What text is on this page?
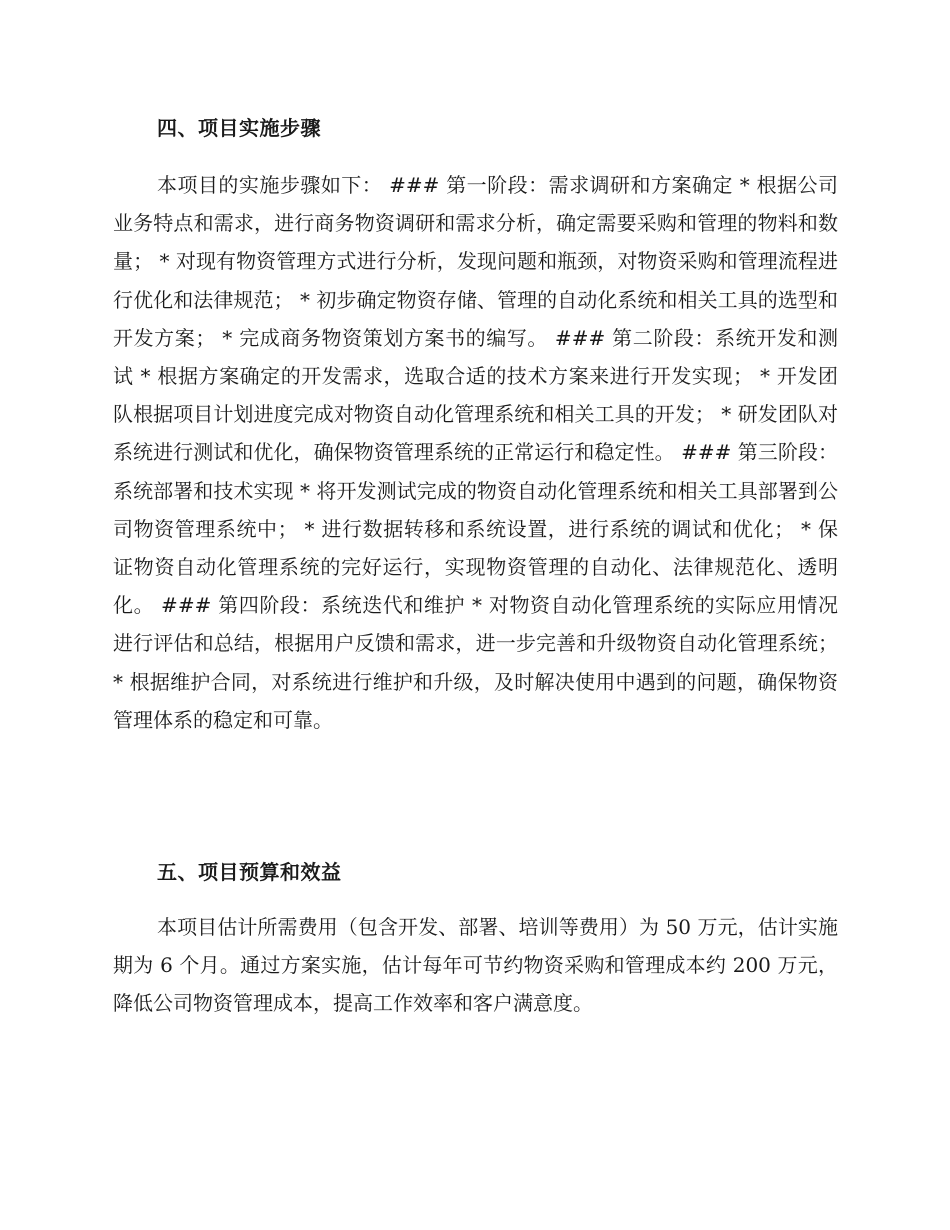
四、项目实施步骤

本项目的实施步骤如下： ### 第一阶段：需求调研和方案确定 * 根据公司业务特点和需求，进行商务物资调研和需求分析，确定需要采购和管理的物料和数量； * 对现有物资管理方式进行分析，发现问题和瓶颈，对物资采购和管理流程进行优化和法律规范； * 初步确定物资存储、管理的自动化系统和相关工具的选型和开发方案； * 完成商务物资策划方案书的编写。 ### 第二阶段：系统开发和测试 * 根据方案确定的开发需求，选取合适的技术方案来进行开发实现； * 开发团队根据项目计划进度完成对物资自动化管理系统和相关工具的开发； * 研发团队对系统进行测试和优化，确保物资管理系统的正常运行和稳定性。 ### 第三阶段：系统部署和技术实现 * 将开发测试完成的物资自动化管理系统和相关工具部署到公司物资管理系统中； * 进行数据转移和系统设置，进行系统的调试和优化； * 保证物资自动化管理系统的完好运行，实现物资管理的自动化、法律规范化、透明化。 ### 第四阶段：系统迭代和维护 * 对物资自动化管理系统的实际应用情况进行评估和总结，根据用户反馈和需求，进一步完善和升级物资自动化管理系统； * 根据维护合同，对系统进行维护和升级，及时解决使用中遇到的问题，确保物资管理体系的稳定和可靠。

五、项目预算和效益

本项目估计所需费用（包含开发、部署、培训等费用）为 50 万元，估计实施期为 6 个月。通过方案实施，估计每年可节约物资采购和管理成本约 200 万元，降低公司物资管理成本，提高工作效率和客户满意度。
